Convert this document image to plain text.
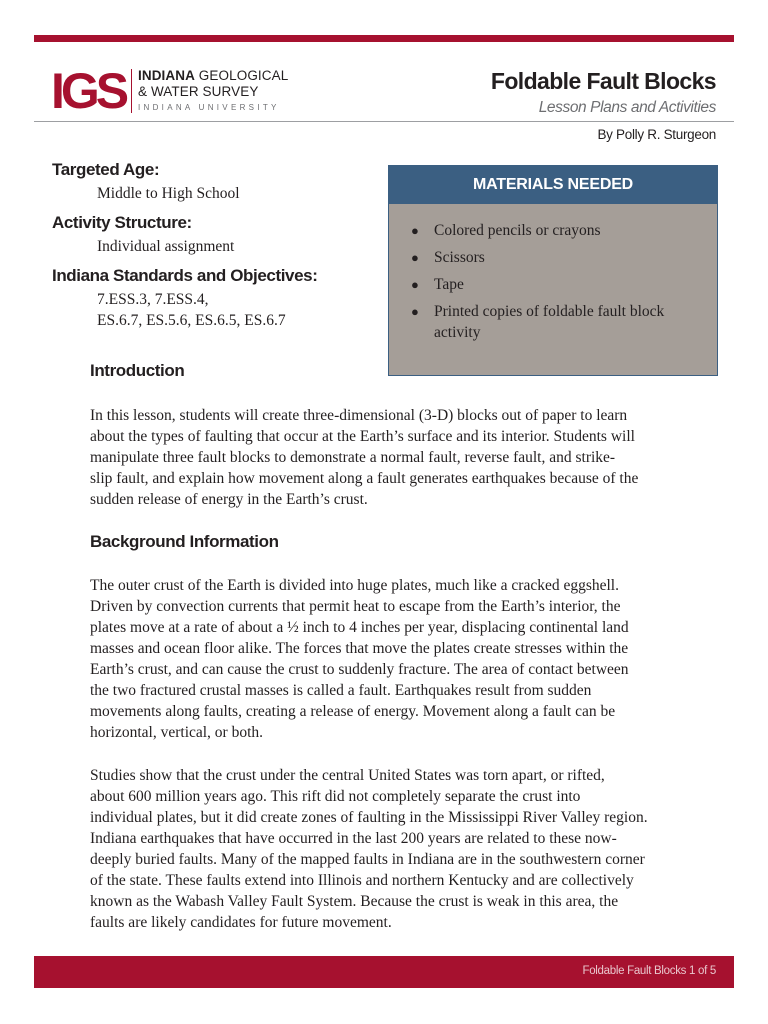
IGS INDIANA GEOLOGICAL
& WATER SURVEY
INDIANA UNIVERSITY
Foldable Fault Blocks
Lesson Plans and Activities
By Polly R. Sturgeon
Targeted Age:
Middle to High School
Activity Structure:
Individual assignment
Indiana Standards and Objectives:
7.ESS.3, 7.ESS.4,
ES.6.7, ES.5.6, ES.6.5, ES.6.7
MATERIALS NEEDED
● Colored pencils or crayons
● Scissors
● Tape
● Printed copies of foldable fault block activity
Introduction
In this lesson, students will create three-dimensional (3-D) blocks out of paper to learn
about the types of faulting that occur at the Earth’s surface and its interior. Students will
manipulate three fault blocks to demonstrate a normal fault, reverse fault, and strike-
slip fault, and explain how movement along a fault generates earthquakes because of the
sudden release of energy in the Earth’s crust.
Background Information
The outer crust of the Earth is divided into huge plates, much like a cracked eggshell.
Driven by convection currents that permit heat to escape from the Earth’s interior, the
plates move at a rate of about a ½ inch to 4 inches per year, displacing continental land
masses and ocean floor alike. The forces that move the plates create stresses within the
Earth’s crust, and can cause the crust to suddenly fracture. The area of contact between
the two fractured crustal masses is called a fault. Earthquakes result from sudden
movements along faults, creating a release of energy. Movement along a fault can be
horizontal, vertical, or both.
Studies show that the crust under the central United States was torn apart, or rifted,
about 600 million years ago. This rift did not completely separate the crust into
individual plates, but it did create zones of faulting in the Mississippi River Valley region.
Indiana earthquakes that have occurred in the last 200 years are related to these now-
deeply buried faults. Many of the mapped faults in Indiana are in the southwestern corner
of the state. These faults extend into Illinois and northern Kentucky and are collectively
known as the Wabash Valley Fault System. Because the crust is weak in this area, the
faults are likely candidates for future movement.
Foldable Fault Blocks 1 of 5
